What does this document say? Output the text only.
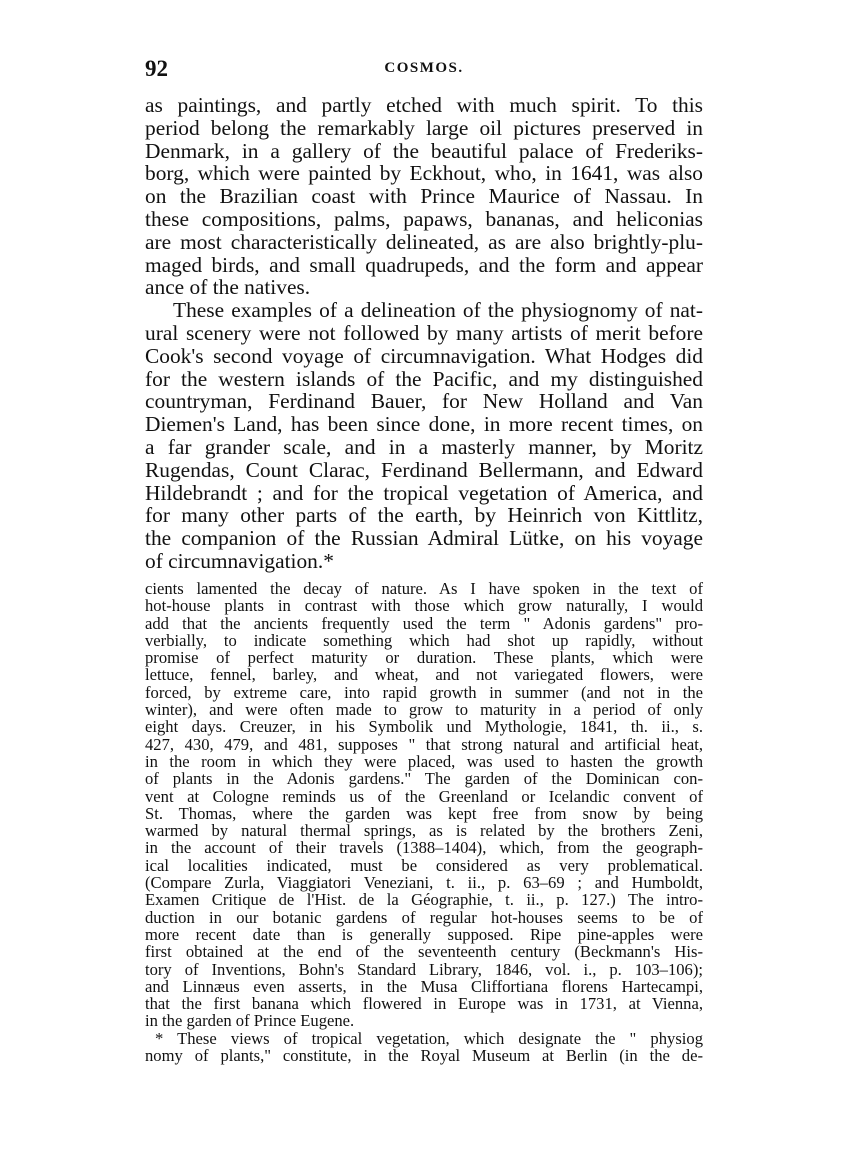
92	COSMOS.
as paintings, and partly etched with much spirit. To this
period belong the remarkably large oil pictures preserved in
Denmark, in a gallery of the beautiful palace of Frederiks-
borg, which were painted by Eckhout, who, in 1641, was also
on the Brazilian coast with Prince Maurice of Nassau. In
these compositions, palms, papaws, bananas, and heliconias
are most characteristically delineated, as are also brightly-plu-
maged birds, and small quadrupeds, and the form and appear
ance of the natives.
These examples of a delineation of the physiognomy of nat-
ural scenery were not followed by many artists of merit before
Cook's second voyage of circumnavigation. What Hodges did
for the western islands of the Pacific, and my distinguished
countryman, Ferdinand Bauer, for New Holland and Van
Diemen's Land, has been since done, in more recent times, on
a far grander scale, and in a masterly manner, by Moritz
Rugendas, Count Clarac, Ferdinand Bellermann, and Edward
Hildebrandt ; and for the tropical vegetation of America, and
for many other parts of the earth, by Heinrich von Kittlitz,
the companion of the Russian Admiral Lütke, on his voyage
of circumnavigation.*
cients lamented the decay of nature. As I have spoken in the text of
hot-house plants in contrast with those which grow naturally, I would
add that the ancients frequently used the term " Adonis gardens" pro-
verbially, to indicate something which had shot up rapidly, without
promise of perfect maturity or duration. These plants, which were
lettuce, fennel, barley, and wheat, and not variegated flowers, were
forced, by extreme care, into rapid growth in summer (and not in the
winter), and were often made to grow to maturity in a period of only
eight days. Creuzer, in his Symbolik und Mythologie, 1841, th. ii., s.
427, 430, 479, and 481, supposes " that strong natural and artificial heat,
in the room in which they were placed, was used to hasten the growth
of plants in the Adonis gardens." The garden of the Dominican con-
vent at Cologne reminds us of the Greenland or Icelandic convent of
St. Thomas, where the garden was kept free from snow by being
warmed by natural thermal springs, as is related by the brothers Zeni,
in the account of their travels (1388–1404), which, from the geograph-
ical localities indicated, must be considered as very problematical.
(Compare Zurla, Viaggiatori Veneziani, t. ii., p. 63–69 ; and Humboldt,
Examen Critique de l'Hist. de la Géographie, t. ii., p. 127.) The intro-
duction in our botanic gardens of regular hot-houses seems to be of
more recent date than is generally supposed. Ripe pine-apples were
first obtained at the end of the seventeenth century (Beckmann's His-
tory of Inventions, Bohn's Standard Library, 1846, vol. i., p. 103–106);
and Linnæus even asserts, in the Musa Cliffortiana florens Hartecampi,
that the first banana which flowered in Europe was in 1731, at Vienna,
in the garden of Prince Eugene.
* These views of tropical vegetation, which designate the " physiog
nomy of plants," constitute, in the Royal Museum at Berlin (in the de-
